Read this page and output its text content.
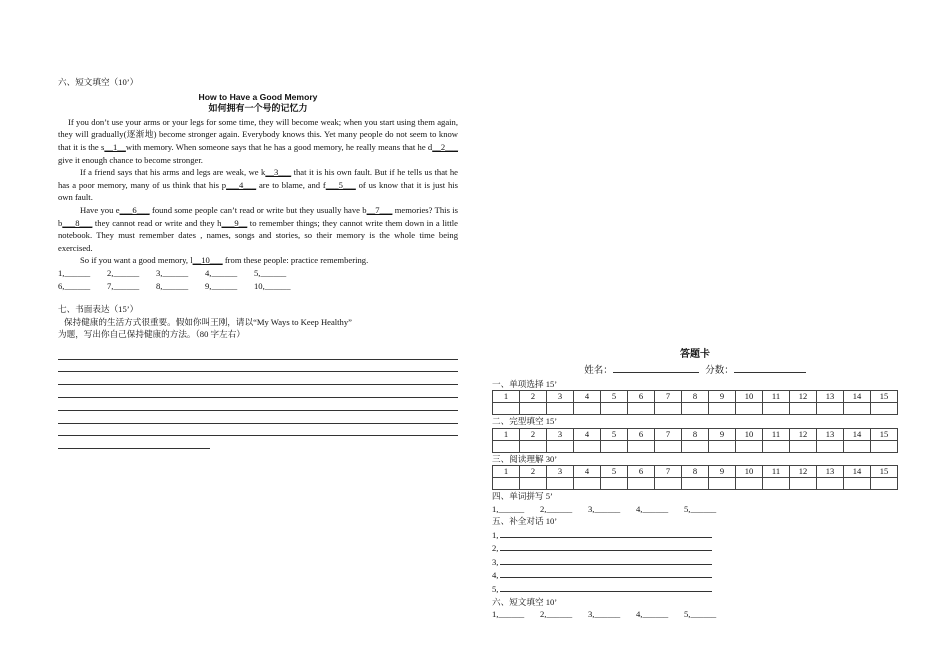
六、短文填空（10’）
How to Have a Good Memory
如何拥有一个号的记忆力
If you don’t use your arms or your legs for some time, they will become weak; when you start using them again, they will gradually(逐渐地) become stronger again. Everybody knows this. Yet many people do not seem to know that it is the s__1__with memory. When someone says that he has a good memory, he really means that he d__2___ give it enough chance to become stronger.
If a friend says that his arms and legs are weak, we k__3___ that it is his own fault. But if he tells us that he has a poor memory, many of us think that his p___4___ are to blame, and f___5___ of us know that it is just his own fault.
Have you e___6___ found some people can’t read or write but they usually have b__7___ memories? This is b___8___ they cannot read or write and they h___9__ to remember things; they cannot write them down in a little notebook. They must remember dates , names, songs and stories, so their memory is the whole time being exercised.
So if you want a good memory, l__10___ from these people: practice remembering.
1,______	2,______	3,______	4,______	5,______
6,______	7,______	8,______	9,______	10,______
七、书面表达（15’）
保持健康的生活方式很重要。假如你叫王刚，请以“My Ways to Keep Healthy”
为题，写出你自己保持健康的方法。（80 字左右）
答题卡
姓名：	分数：
一、单项选择 15’
1	2	3	4	5	6	7	8	9	10	11	12	13	14	15

二、完型填空 15’
1	2	3	4	5	6	7	8	9	10	11	12	13	14	15

三、阅读理解 30’
1	2	3	4	5	6	7	8	9	10	11	12	13	14	15

四、单词拼写 5’
1,______	2,______	3,______	4,______	5,______
五、补全对话 10’
1,
2,
3,
4,
5,
六、短文填空 10’
1,______	2,______	3,______	4,______	5,______
